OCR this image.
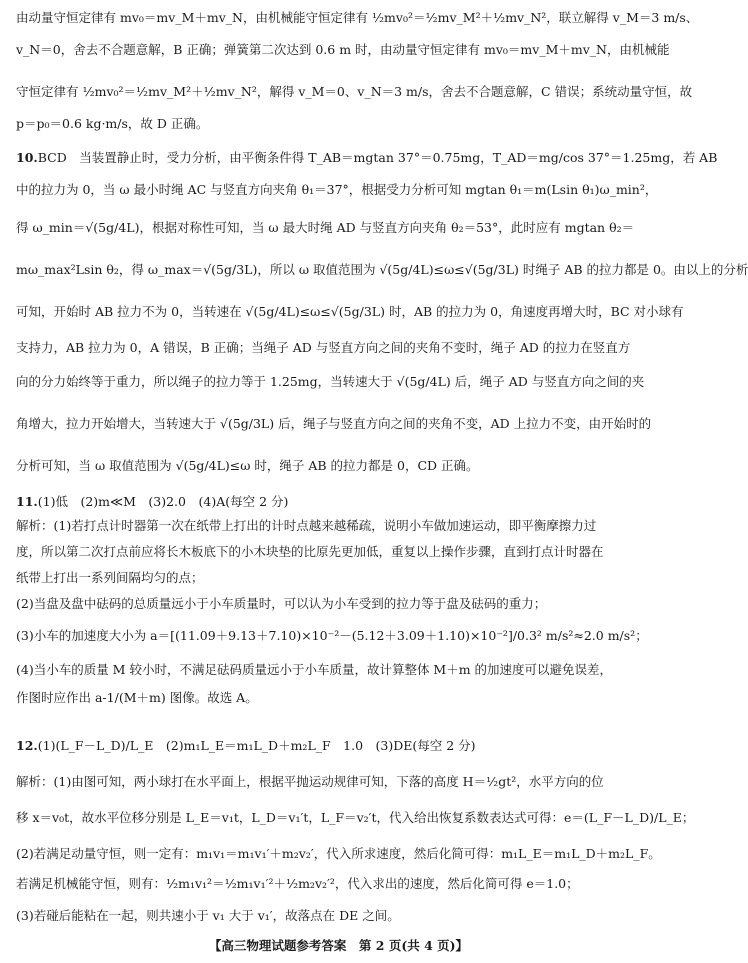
由动量守恒定律有 mv₀＝mv_M＋mv_N，由机械能守恒定律有 ½mv₀²＝½mv_M²＋½mv_N²，联立解得 v_M＝3 m/s、
v_N＝0，舍去不合题意解，B 正确；弹簧第二次达到 0.6 m 时，由动量守恒定律有 mv₀＝mv_M＋mv_N，由机械能
守恒定律有 ½mv₀²＝½mv_M²＋½mv_N²，解得 v_M＝0、v_N＝3 m/s，舍去不合题意解，C 错误；系统动量守恒，故
p＝p₀＝0.6 kg·m/s，故 D 正确。
10.BCD　 当装置静止时，受力分析，由平衡条件得 T_AB＝mgtan 37°＝0.75mg，T_AD＝mg/cos 37°＝1.25mg，若 AB
中的拉力为 0，当 ω 最小时绳 AC 与竖直方向夹角 θ₁＝37°，根据受力分析可知 mgtan θ₁＝m(Lsin θ₁)ω_min²，
得 ω_min＝√(5g/4L)，根据对称性可知，当 ω 最大时绳 AD 与竖直方向夹角 θ₂＝53°，此时应有 mgtan θ₂＝
mω_max²Lsin θ₂，得 ω_max＝√(5g/3L)，所以 ω 取值范围为 √(5g/4L)≤ω≤√(5g/3L) 时绳子 AB 的拉力都是 0。由以上的分析
可知，开始时 AB 拉力不为 0，当转速在 √(5g/4L)≤ω≤√(5g/3L) 时，AB 的拉力为 0，角速度再增大时，BC 对小球有
支持力，AB 拉力为 0，A 错误，B 正确；当绳子 AD 与竖直方向之间的夹角不变时，绳子 AD 的拉力在竖直方
向的分力始终等于重力，所以绳子的拉力等于 1.25mg，当转速大于 √(5g/4L) 后，绳子 AD 与竖直方向之间的夹
角增大，拉力开始增大，当转速大于 √(5g/3L) 后，绳子与竖直方向之间的夹角不变，AD 上拉力不变，由开始时的
分析可知，当 ω 取值范围为 √(5g/4L)≤ω 时，绳子 AB 的拉力都是 0，CD 正确。
11.(1)低　(2)m≪M　(3)2.0　(4)A(每空 2 分)
解析：(1)若打点计时器第一次在纸带上打出的计时点越来越稀疏，说明小车做加速运动，即平衡摩擦力过
度，所以第二次打点前应将长木板底下的小木块垫的比原先更加低，重复以上操作步骤，直到打点计时器在
纸带上打出一系列间隔均匀的点；
(2)当盘及盘中砝码的总质量远小于小车质量时，可以认为小车受到的拉力等于盘及砝码的重力；
(3)小车的加速度大小为 a＝[(11.09＋9.13＋7.10)×10⁻²－(5.12＋3.09＋1.10)×10⁻²]/0.3² m/s²≈2.0 m/s²；
(4)当小车的质量 M 较小时，不满足砝码质量远小于小车质量，故计算整体 M＋m 的加速度可以避免误差，
作图时应作出 a-1/(M＋m) 图像。故选 A。
12.(1)(L_F－L_D)/L_E　(2)m₁L_E＝m₁L_D＋m₂L_F　1.0　(3)DE(每空 2 分)
解析：(1)由图可知，两小球打在水平面上，根据平抛运动规律可知，下落的高度 H＝½gt²，水平方向的位
移 x＝v₀t，故水平位移分别是 L_E＝v₁t，L_D＝v₁′t，L_F＝v₂′t，代入给出恢复系数表达式可得：e＝(L_F－L_D)/L_E；
(2)若满足动量守恒，则一定有：m₁v₁＝m₁v₁′＋m₂v₂′，代入所求速度，然后化简可得：m₁L_E＝m₁L_D＋m₂L_F。
若满足机械能守恒，则有：½m₁v₁²＝½m₁v₁′²＋½m₂v₂′²，代入求出的速度，然后化简可得 e＝1.0；
(3)若碰后能粘在一起，则共速小于 v₁ 大于 v₁′，故落点在 DE 之间。
【高三物理试题参考答案　第 2 页(共 4 页)】
